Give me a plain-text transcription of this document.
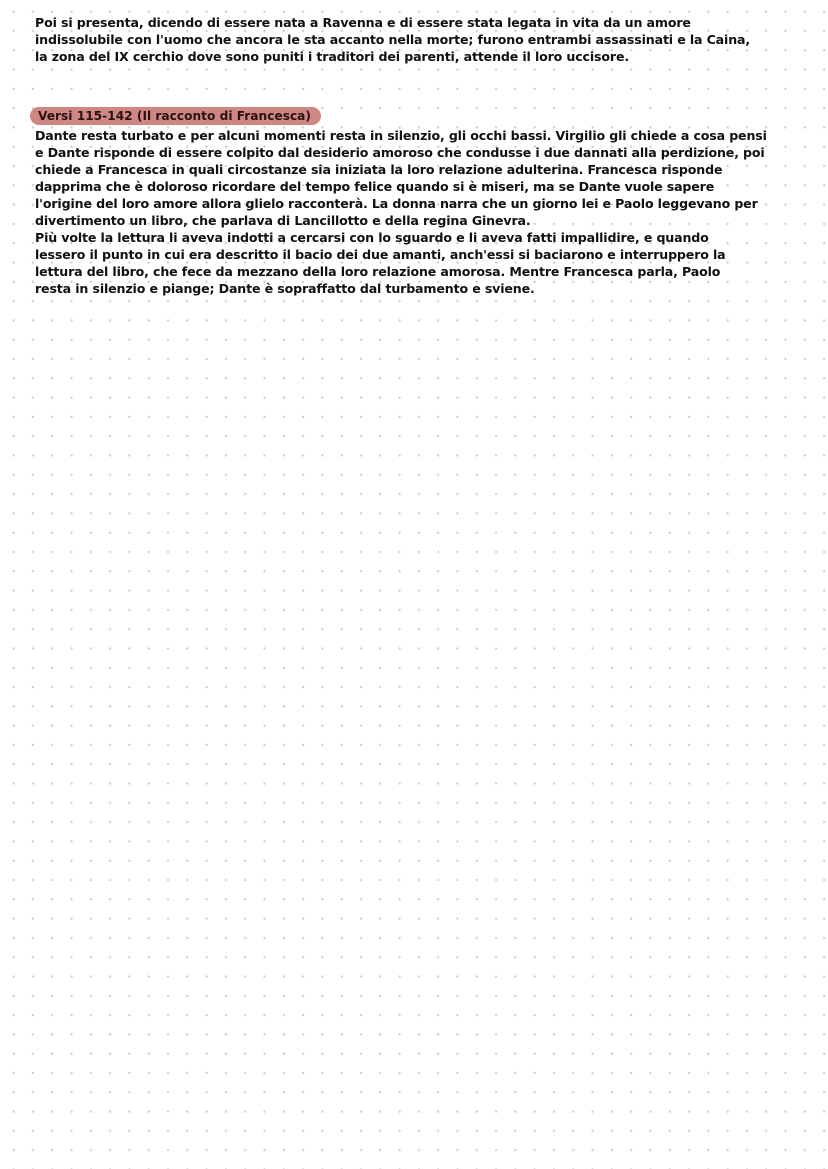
Poi si presenta, dicendo di essere nata a Ravenna e di essere stata legata in vita da un amore
indissolubile con l'uomo che ancora le sta accanto nella morte; furono entrambi assassinati e la Caina,
la zona del IX cerchio dove sono puniti i traditori dei parenti, attende il loro uccisore.
Versi 115-142 (Il racconto di Francesca)
Dante resta turbato e per alcuni momenti resta in silenzio, gli occhi bassi. Virgilio gli chiede a cosa pensi
e Dante risponde di essere colpito dal desiderio amoroso che condusse i due dannati alla perdizione, poi
chiede a Francesca in quali circostanze sia iniziata la loro relazione adulterina. Francesca risponde
dapprima che è doloroso ricordare del tempo felice quando si è miseri, ma se Dante vuole sapere
l'origine del loro amore allora glielo racconterà. La donna narra che un giorno lei e Paolo leggevano per
divertimento un libro, che parlava di Lancillotto e della regina Ginevra.
Più volte la lettura li aveva indotti a cercarsi con lo sguardo e li aveva fatti impallidire, e quando
lessero il punto in cui era descritto il bacio dei due amanti, anch'essi si baciarono e interruppero la
lettura del libro, che fece da mezzano della loro relazione amorosa. Mentre Francesca parla, Paolo
resta in silenzio e piange; Dante è sopraffatto dal turbamento e sviene.
